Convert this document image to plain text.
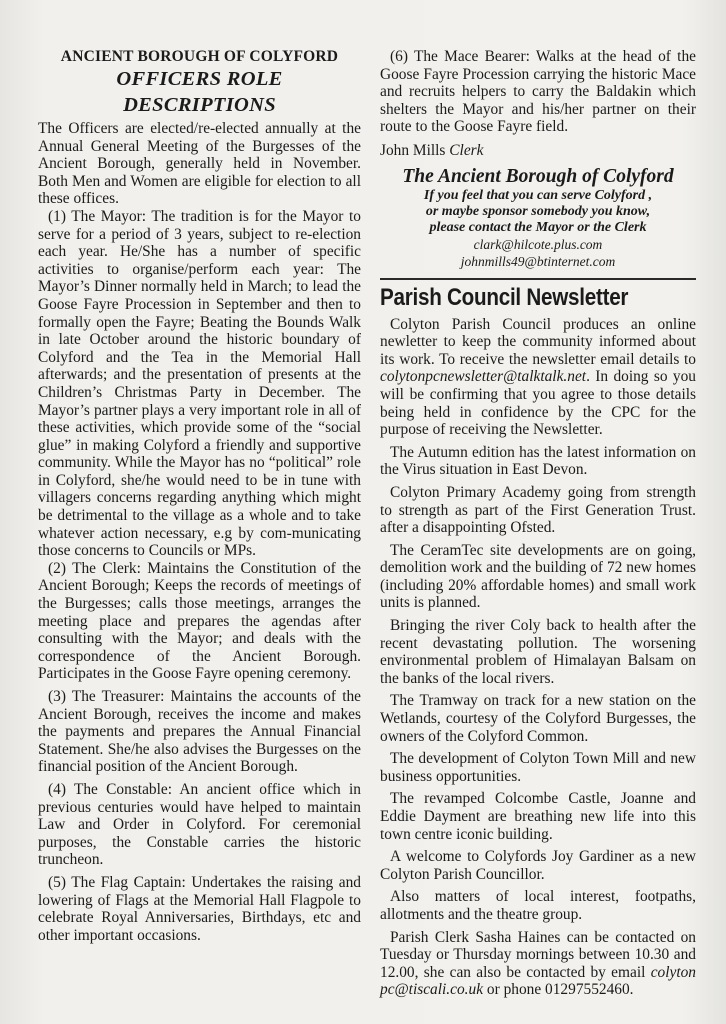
ANCIENT BOROUGH OF COLYFORD
OFFICERS ROLE
DESCRIPTIONS

The Officers are elected/re-elected annually at the Annual General Meeting of the Burgesses of the Ancient Borough, generally held in November. Both Men and Women are eligible for election to all these offices.

(1) The Mayor: The tradition is for the Mayor to serve for a period of 3 years, subject to re-election each year. He/She has a number of specific activities to organise/perform each year: The Mayor’s Dinner normally held in March; to lead the Goose Fayre Procession in September and then to formally open the Fayre; Beating the Bounds Walk in late October around the historic boundary of Colyford and the Tea in the Memorial Hall afterwards; and the presentation of presents at the Children’s Christmas Party in December. The Mayor’s partner plays a very important role in all of these activities, which provide some of the “social glue” in making Colyford a friendly and supportive community. While the Mayor has no “political” role in Colyford, she/he would need to be in tune with villagers concerns regarding anything which might be detrimental to the village as a whole and to take whatever action necessary, e.g by com-municating those concerns to Councils or MPs.

(2) The Clerk: Maintains the Constitution of the Ancient Borough; Keeps the records of meetings of the Burgesses; calls those meetings, arranges the meeting place and prepares the agendas after consulting with the Mayor; and deals with the correspondence of the Ancient Borough. Participates in the Goose Fayre opening ceremony.

(3) The Treasurer: Maintains the accounts of the Ancient Borough, receives the income and makes the payments and prepares the Annual Financial Statement. She/he also advises the Burgesses on the financial position of the Ancient Borough.

(4) The Constable: An ancient office which in previous centuries would have helped to maintain Law and Order in Colyford. For ceremonial purposes, the Constable carries the historic truncheon.

(5) The Flag Captain: Undertakes the raising and lowering of Flags at the Memorial Hall Flagpole to celebrate Royal Anniversaries, Birthdays, etc and other important occasions.

(6) The Mace Bearer: Walks at the head of the Goose Fayre Procession carrying the historic Mace and recruits helpers to carry the Baldakin which shelters the Mayor and his/her partner on their route to the Goose Fayre field.

John Mills Clerk

The Ancient Borough of Colyford
If you feel that you can serve Colyford ,
or maybe sponsor somebody you know,
please contact the Mayor or the Clerk
clark@hilcote.plus.com
johnmills49@btinternet.com
Parish Council Newsletter

Colyton Parish Council produces an online newletter to keep the community informed about its work. To receive the newsletter email details to colytonpcnewsletter@talktalk.net. In doing so you will be confirming that you agree to those details being held in confidence by the CPC for the purpose of receiving the Newsletter.

The Autumn edition has the latest information on the Virus situation in East Devon.

Colyton Primary Academy going from strength to strength as part of the First Generation Trust. after a disappointing Ofsted.

The CeramTec site developments are on going, demolition work and the building of 72 new homes (including 20% affordable homes) and small work units is planned.

Bringing the river Coly back to health after the recent devastating pollution. The worsening environmental problem of Himalayan Balsam on the banks of the local rivers.

The Tramway on track for a new station on the Wetlands, courtesy of the Colyford Burgesses, the owners of the Colyford Common.

The development of Colyton Town Mill and new business opportunities.

The revamped Colcombe Castle, Joanne and Eddie Dayment are breathing new life into this town centre iconic building.

A welcome to Colyfords Joy Gardiner as a new Colyton Parish Councillor.

Also matters of local interest, footpaths, allotments and the theatre group.

Parish Clerk Sasha Haines can be contacted on Tuesday or Thursday mornings between 10.30 and 12.00, she can also be contacted by email colyton pc@tiscali.co.uk or phone 01297552460.
